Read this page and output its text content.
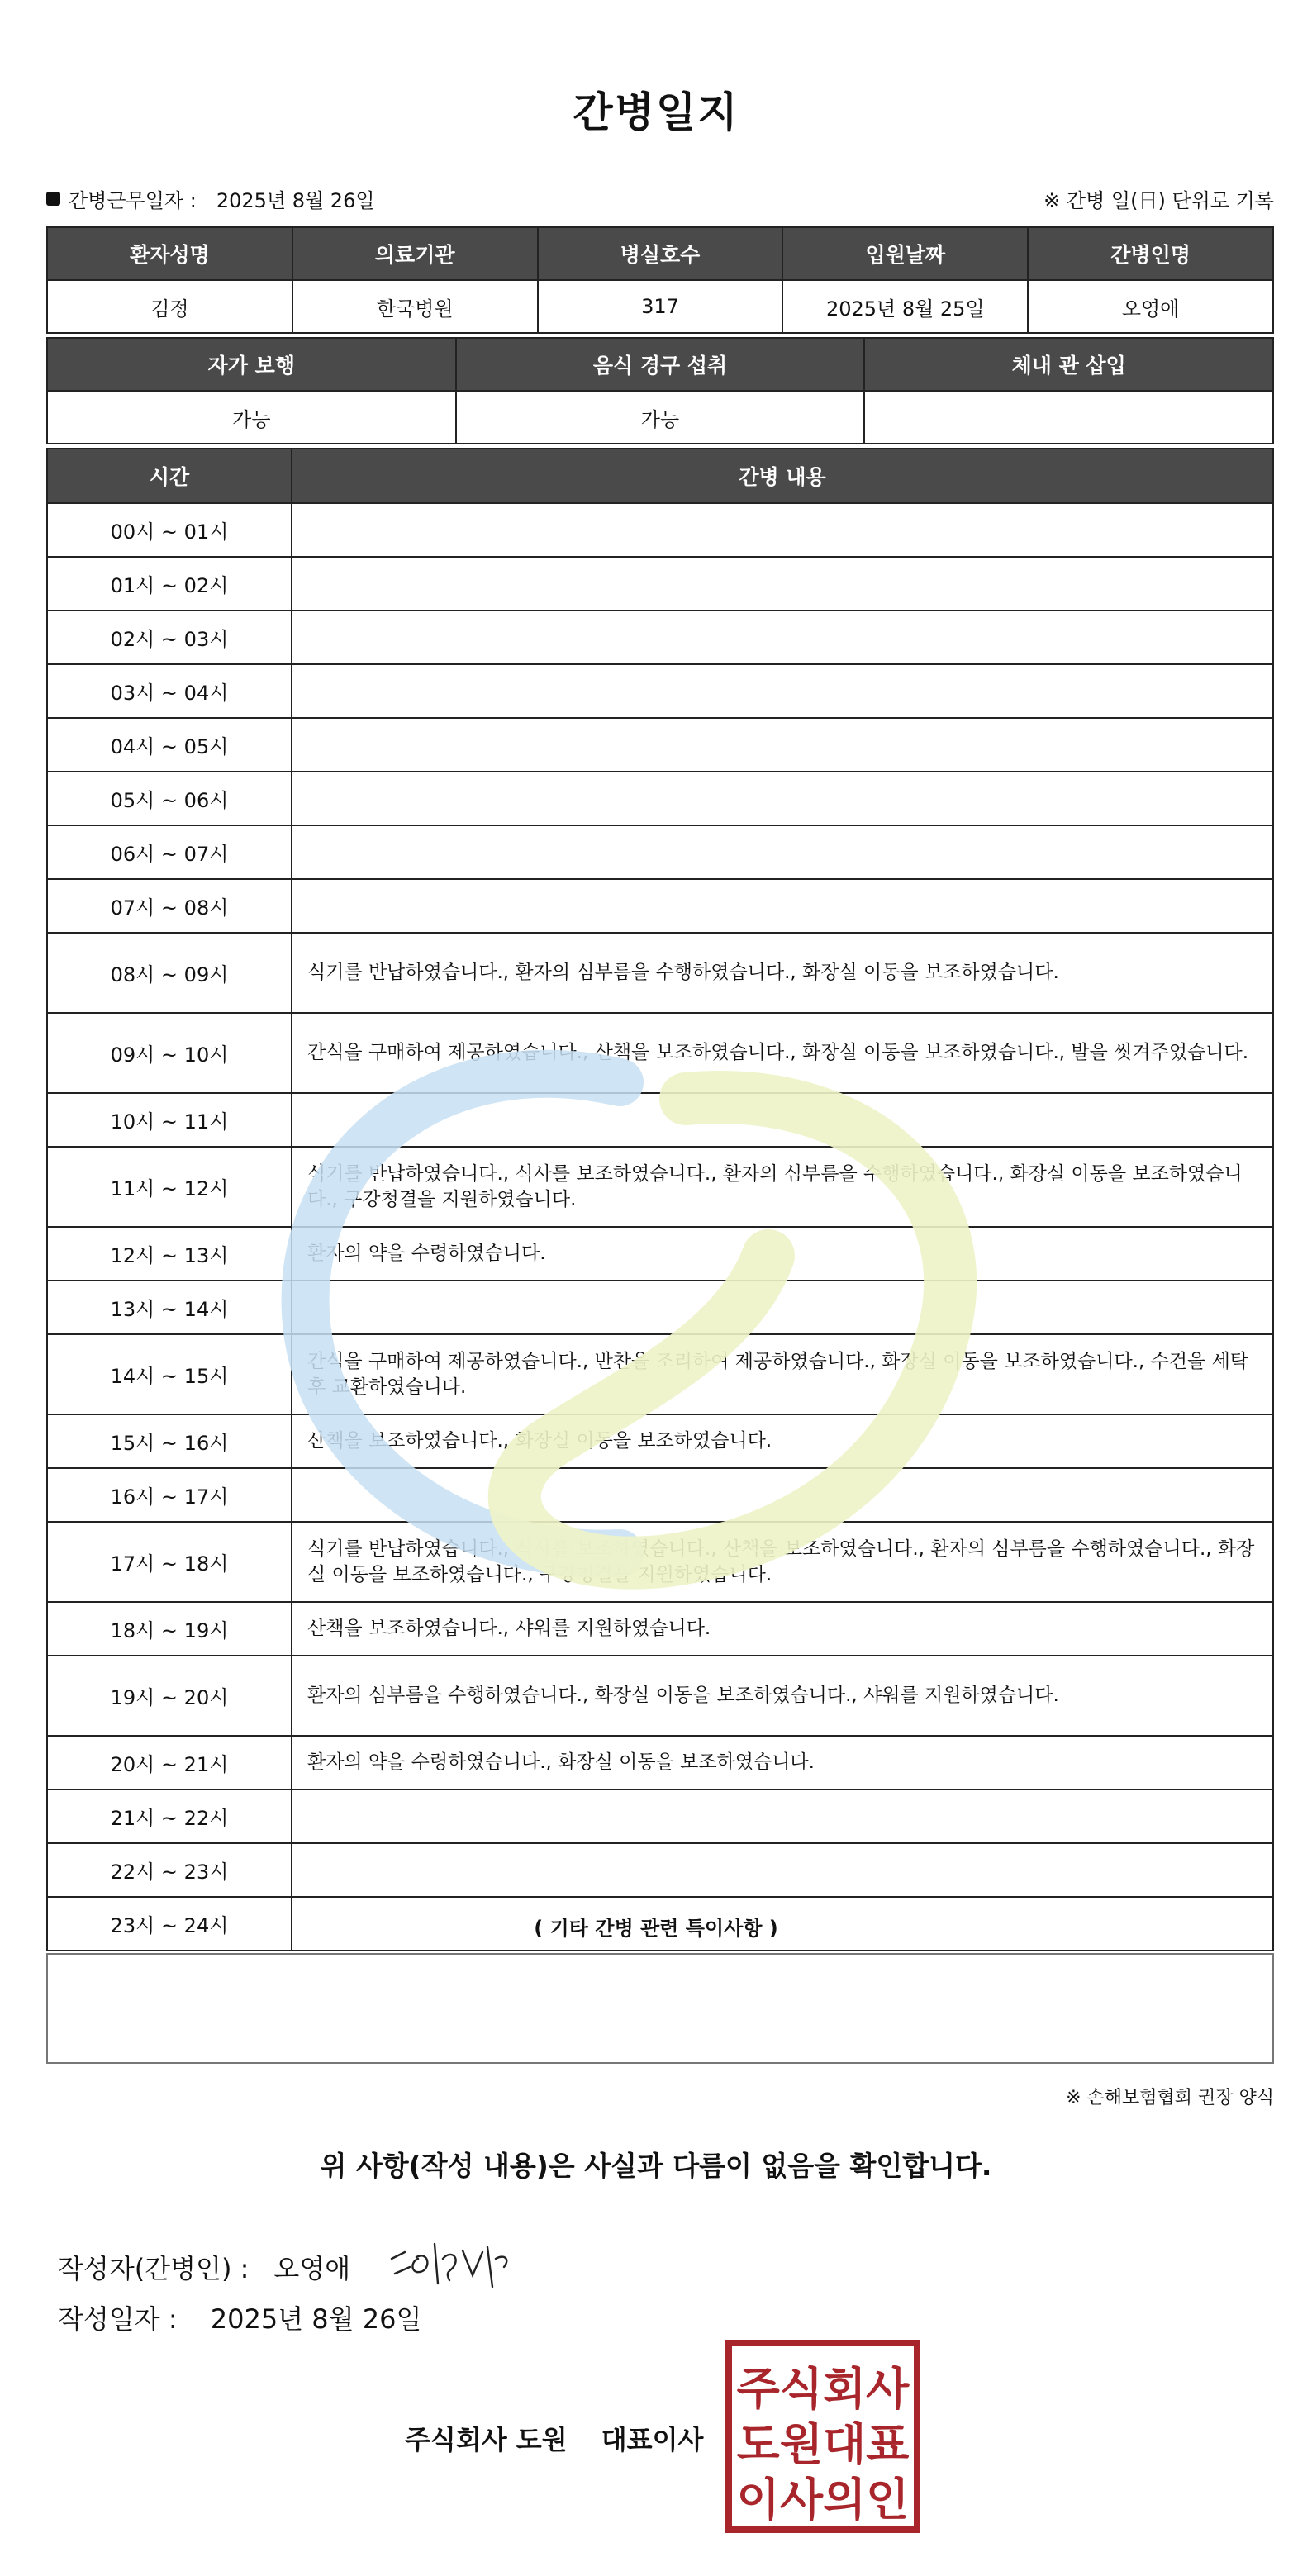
간병일지
간병근무일자 : 2025년 8월 26일	※ 간병 일(日) 단위로 기록
환자성명	의료기관	병실호수	입원날짜	간병인명
김정	한국병원	317	2025년 8월 25일	오영애
자가 보행	음식 경구 섭취	체내 관 삽입
가능	가능	
시간	간병 내용
00시 ~ 01시	
01시 ~ 02시	
02시 ~ 03시	
03시 ~ 04시	
04시 ~ 05시	
05시 ~ 06시	
06시 ~ 07시	
07시 ~ 08시	
08시 ~ 09시	식기를 반납하였습니다., 환자의 심부름을 수행하였습니다., 화장실 이동을 보조하였습니다.
09시 ~ 10시	간식을 구매하여 제공하였습니다., 산책을 보조하였습니다., 화장실 이동을 보조하였습니다., 발을 씻겨주었습니다.
10시 ~ 11시	
11시 ~ 12시	식기를 반납하였습니다., 식사를 보조하였습니다., 환자의 심부름을 수행하였습니다., 화장실 이동을 보조하였습니다., 구강청결을 지원하였습니다.
12시 ~ 13시	환자의 약을 수령하였습니다.
13시 ~ 14시	
14시 ~ 15시	간식을 구매하여 제공하였습니다., 반찬을 조리하여 제공하였습니다., 화장실 이동을 보조하였습니다., 수건을 세탁 후 교환하였습니다.
15시 ~ 16시	산책을 보조하였습니다., 화장실 이동을 보조하였습니다.
16시 ~ 17시	
17시 ~ 18시	식기를 반납하였습니다., 식사를 보조하였습니다., 산책을 보조하였습니다., 환자의 심부름을 수행하였습니다., 화장실 이동을 보조하였습니다., 구강청결을 지원하였습니다.
18시 ~ 19시	산책을 보조하였습니다., 샤워를 지원하였습니다.
19시 ~ 20시	환자의 심부름을 수행하였습니다., 화장실 이동을 보조하였습니다., 샤워를 지원하였습니다.
20시 ~ 21시	환자의 약을 수령하였습니다., 화장실 이동을 보조하였습니다.
21시 ~ 22시	
22시 ~ 23시	
23시 ~ 24시		( 기타 간병 관련 특이사항 )
※ 손해보험협회 권장 양식
위 사항(작성 내용)은 사실과 다름이 없음을 확인합니다.
작성자(간병인) : 오영애
작성일자 : 2025년 8월 26일
주식회사 도원 대표이사
주식회사
도원대표
이사의인
